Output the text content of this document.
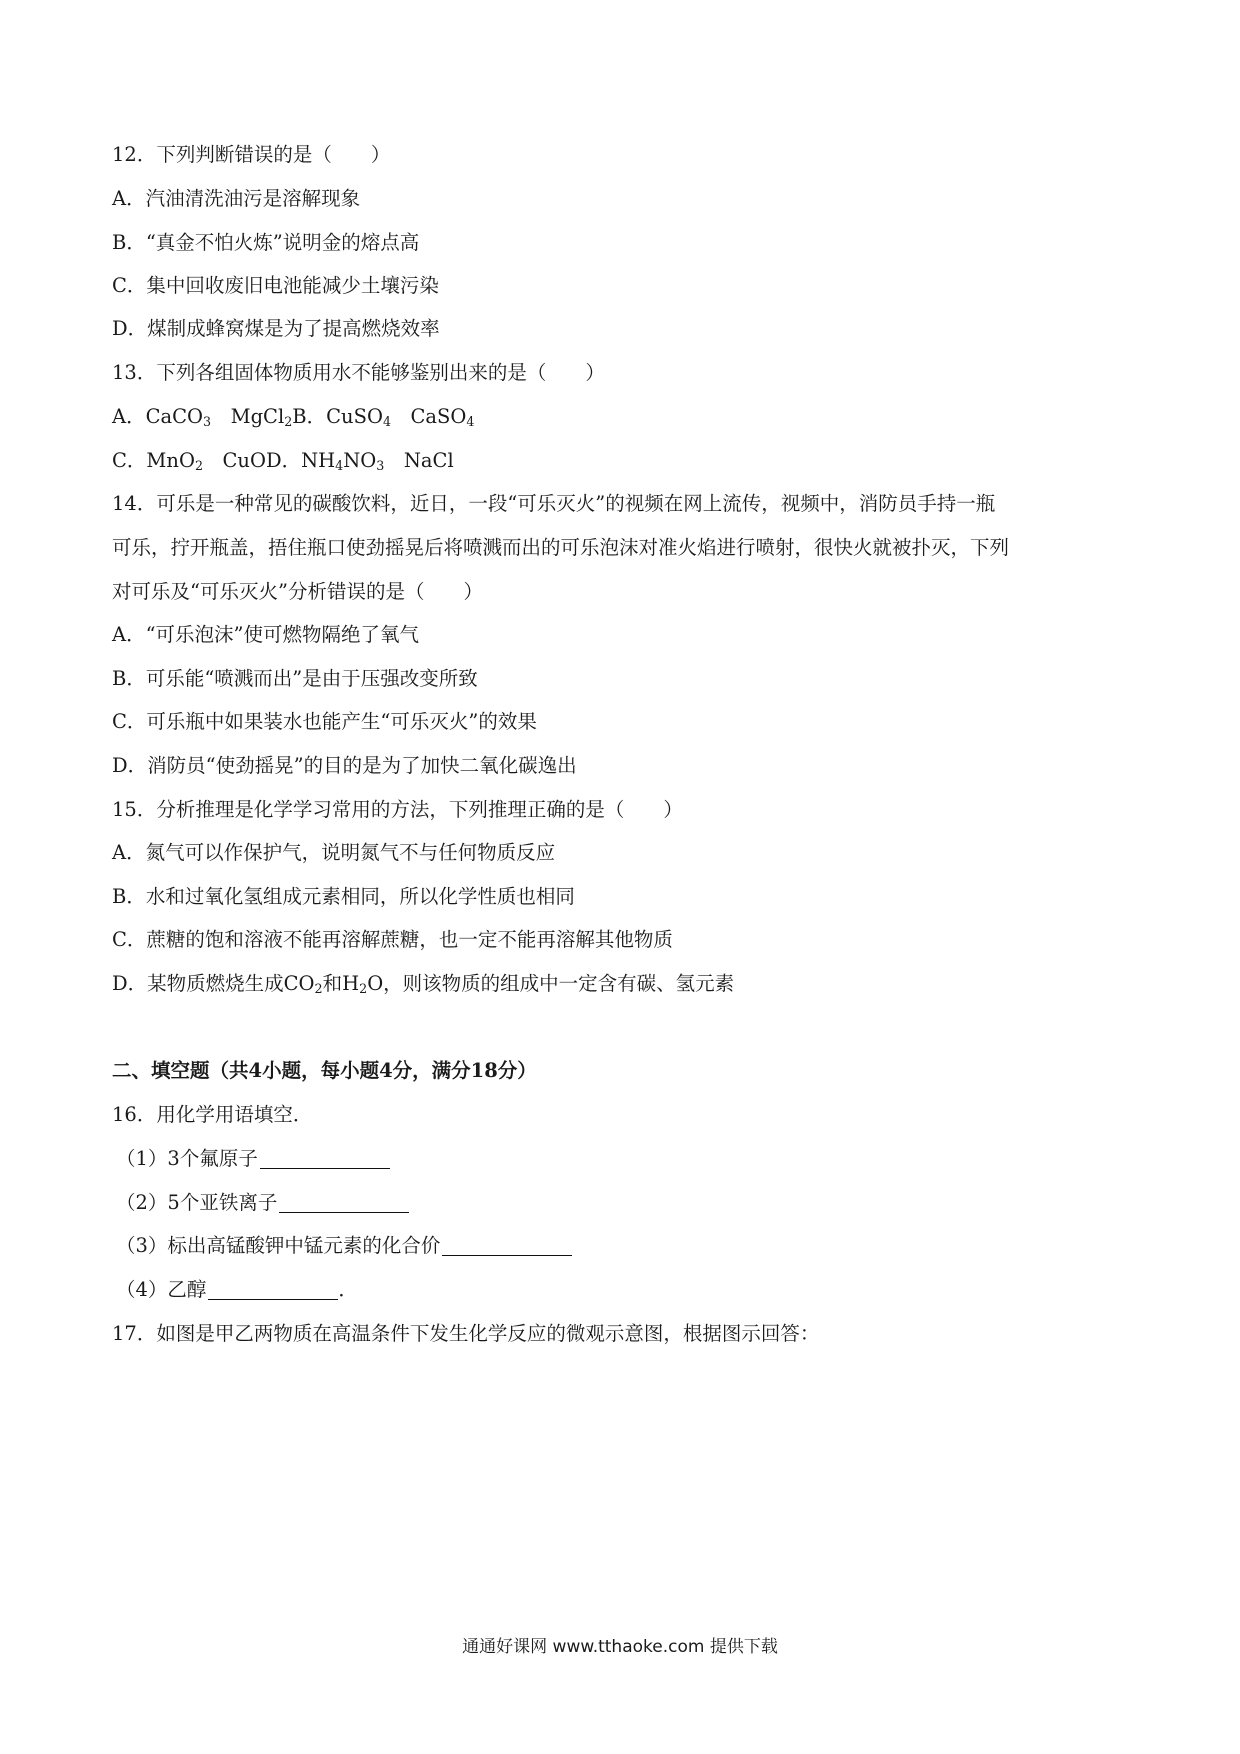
12．下列判断错误的是（　　）
A．汽油清洗油污是溶解现象
B．“真金不怕火炼”说明金的熔点高
C．集中回收废旧电池能减少土壤污染
D．煤制成蜂窝煤是为了提高燃烧效率
13．下列各组固体物质用水不能够鉴别出来的是（　　）
A．CaCO$_3$　MgCl$_2$B．CuSO$_4$　CaSO$_4$
C．MnO$_2$　CuOD．$NH_4NO_3$　NaCl
14．可乐是一种常见的碳酸饮料，近日，一段“可乐灭火”的视频在网上流传，视频中，消防员手持一瓶
可乐，拧开瓶盖，捂住瓶口使劲摇晃后将喷溅而出的可乐泡沫对准火焰进行喷射，很快火就被扑灭，下列
对可乐及“可乐灭火”分析错误的是（　　）
A．“可乐泡沫”使可燃物隔绝了氧气
B．可乐能“喷溅而出”是由于压强改变所致
C．可乐瓶中如果装水也能产生“可乐灭火”的效果
D．消防员“使劲摇晃”的目的是为了加快二氧化碳逸出
15．分析推理是化学学习常用的方法，下列推理正确的是（　　）
A．氮气可以作保护气，说明氮气不与任何物质反应
B．水和过氧化氢组成元素相同，所以化学性质也相同
C．蔗糖的饱和溶液不能再溶解蔗糖，也一定不能再溶解其他物质
D．某物质燃烧生成$CO_2$和$H_2O$，则该物质的组成中一定含有碳、氢元素
二、填空题（共4小题，每小题4分，满分18分）
16．用化学用语填空．
（1）3个氟原子
（2）5个亚铁离子
（3）标出高锰酸钾中锰元素的化合价
（4）乙醇	．
17．如图是甲乙两物质在高温条件下发生化学反应的微观示意图，根据图示回答：
通通好课网 www.tthaoke.com 提供下载
